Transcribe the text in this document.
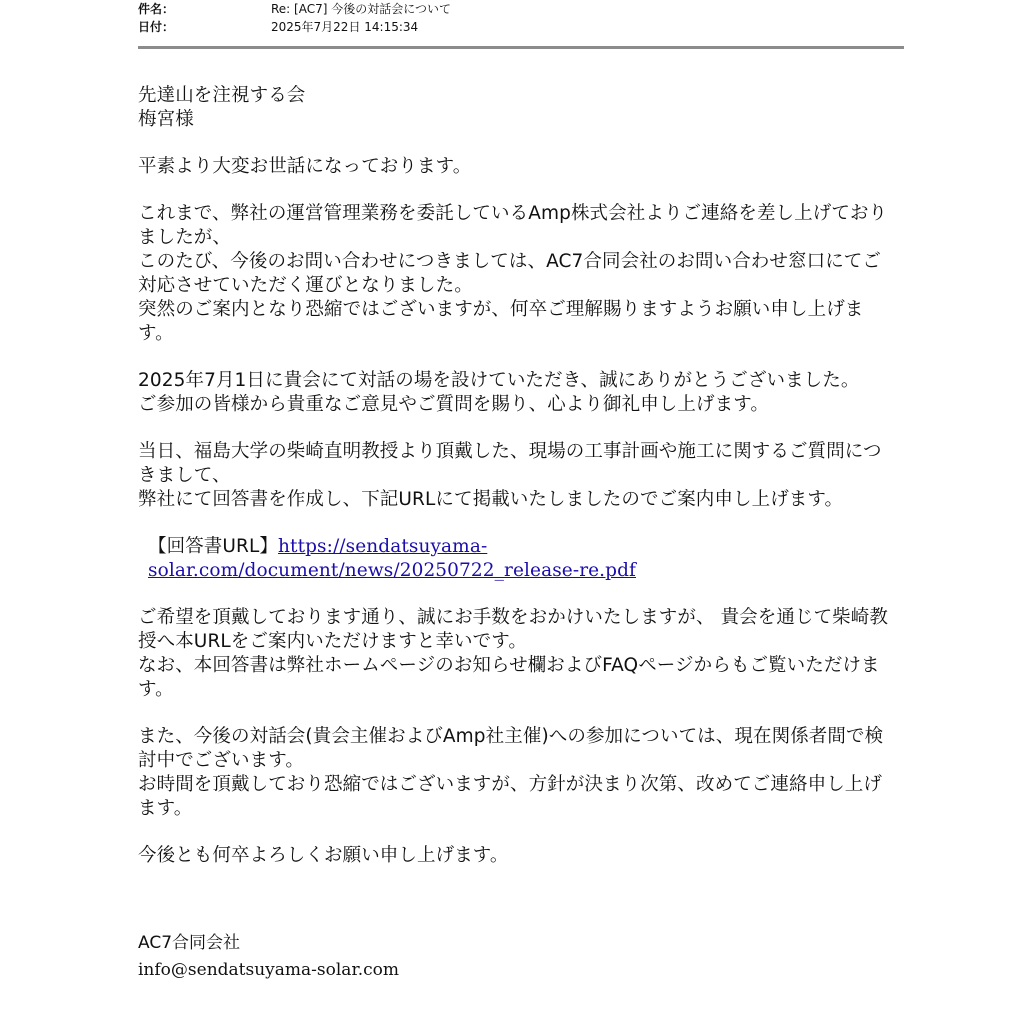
件名：	Re: [AC7] 今後の対話会について
日付：	2025年7月22日 14:15:34

先達山を注視する会

梅宮様

平素より大変お世話になっております。

これまで、弊社の運営管理業務を委託しているAmp株式会社よりご連絡を差し上げておりましたが、

このたび、今後のお問い合わせにつきましては、AC7合同会社のお問い合わせ窓口にてご対応させていただく運びとなりました。

突然のご案内となり恐縮ではございますが、何卒ご理解賜りますようお願い申し上げます。

2025年7月1日に貴会にて対話の場を設けていただき、誠にありがとうございました。

ご参加の皆様から貴重なご意見やご質問を賜り、心より御礼申し上げます。

当日、福島大学の柴崎直明教授より頂戴した、現場の工事計画や施工に関するご質問につきまして、

弊社にて回答書を作成し、下記URLにて掲載いたしましたのでご案内申し上げます。

【回答書URL】https://sendatsuyama-solar.com/document/news/20250722_release-re.pdf

ご希望を頂戴しております通り、誠にお手数をおかけいたしますが、 貴会を通じて柴崎教授へ本URLをご案内いただけますと幸いです。

なお、本回答書は弊社ホームページのお知らせ欄およびFAQページからもご覧いただけます。

また、今後の対話会(貴会主催およびAmp社主催)への参加については、現在関係者間で検討中でございます。

お時間を頂戴しており恐縮ではございますが、方針が決まり次第、改めてご連絡申し上げます。

今後とも何卒よろしくお願い申し上げます。

AC7合同会社
info@sendatsuyama-solar.com
